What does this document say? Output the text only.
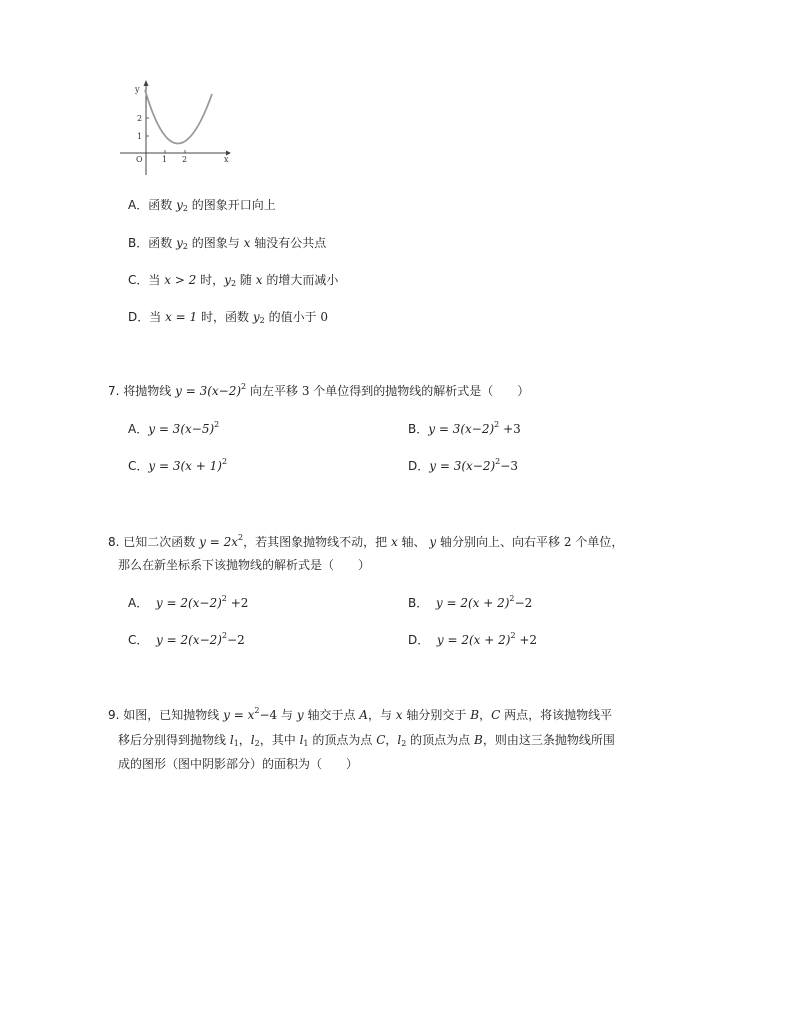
y
x
O
2
1
1 2
A．函数 $y_2$ 的图象开口向上
B．函数 $y_2$ 的图象与 x 轴没有公共点
C．当 x > 2 时，$y_2$ 随 x 的增大而减小
D．当 x = 1 时，函数 $y_2$ 的值小于 0
7. 将抛物线 $y = 3(x-2)^2$ 向左平移 3 个单位得到的抛物线的解析式是（　　）
A．$y = 3(x-5)^2$	B．$y = 3(x-2)^2 +3$
C．$y = 3(x + 1)^2$	D．$y = 3(x-2)^2-3$
8. 已知二次函数 $y = 2x^2$，若其图象抛物线不动，把 x 轴、 y 轴分别向上、向右平移 2 个单位，
那么在新坐标系下该抛物线的解析式是（　　）
A． $y = 2(x-2)^2 +2$	B． $y = 2(x + 2)^2-2$
C． $y = 2(x-2)^2-2$	D． $y = 2(x + 2)^2 +2$
9. 如图，已知抛物线 $y = x^2-4$ 与 y 轴交于点 A，与 x 轴分别交于 B，C 两点，将该抛物线平
移后分别得到抛物线 $l_1$，$l_2$，其中 $l_1$ 的顶点为点 C，$l_2$ 的顶点为点 B，则由这三条抛物线所围
成的图形（图中阴影部分）的面积为（　　）
